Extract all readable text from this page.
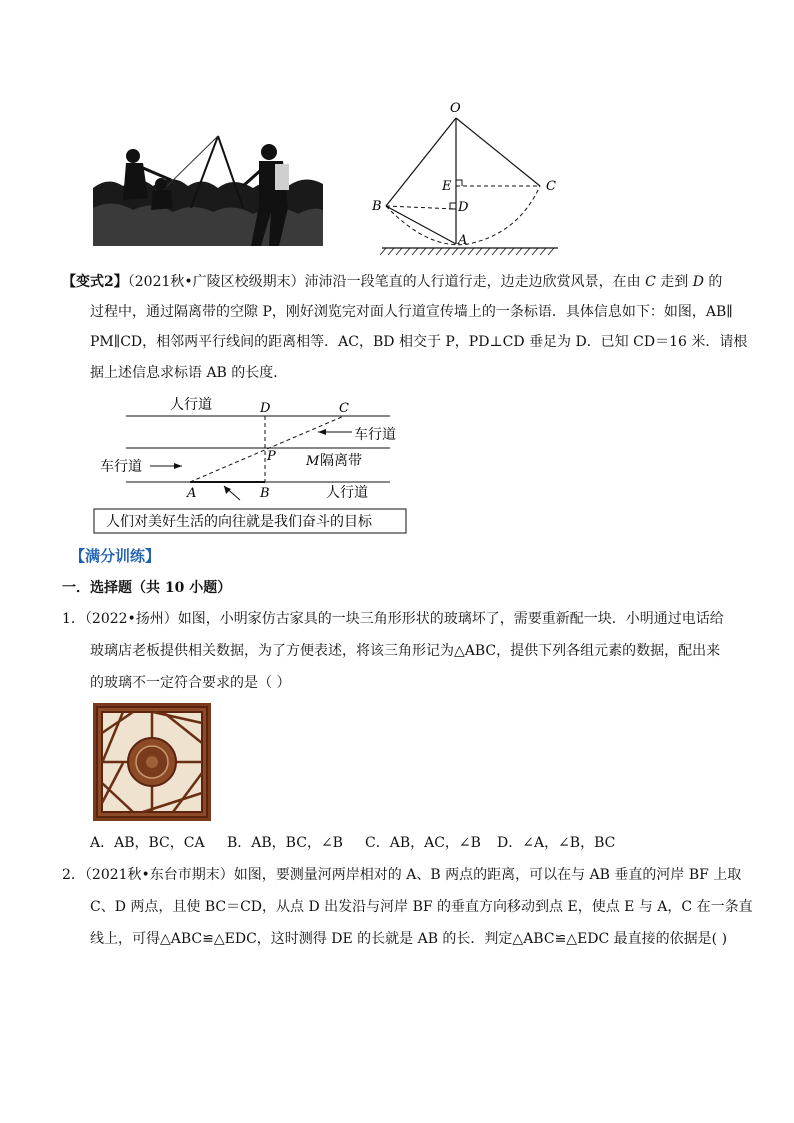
O
E	C
B	D
A
【变式2】（2021秋•广陵区校级期末）沛沛沿一段笔直的人行道行走，边走边欣赏风景，在由 C 走到 D 的
过程中，通过隔离带的空隙 P，刚好浏览完对面人行道宣传墙上的一条标语．具体信息如下：如图，AB∥
PM∥CD，相邻两平行线间的距离相等．AC，BD 相交于 P，PD⊥CD 垂足为 D．已知 CD＝16 米．请根
据上述信息求标语 AB 的长度．
人行道	D	C
车行道
P M 隔离带
车行道
A	B	人行道
人们对美好生活的向往就是我们奋斗的目标
【满分训练】
一．选择题（共 10 小题）
1．（2022•扬州）如图，小明家仿古家具的一块三角形形状的玻璃坏了，需要重新配一块．小明通过电话给
玻璃店老板提供相关数据，为了方便表述，将该三角形记为△ABC，提供下列各组元素的数据，配出来
的玻璃不一定符合要求的是（ ）
A．AB，BC，CA B．AB，BC，∠B C．AB，AC，∠B D．∠A，∠B，BC
2．（2021秋•东台市期末）如图，要测量河两岸相对的 A、B 两点的距离，可以在与 AB 垂直的河岸 BF 上取
C、D 两点，且使 BC＝CD，从点 D 出发沿与河岸 BF 的垂直方向移动到点 E，使点 E 与 A，C 在一条直
线上，可得△ABC≌△EDC，这时测得 DE 的长就是 AB 的长．判定△ABC≌△EDC 最直接的依据是( )
